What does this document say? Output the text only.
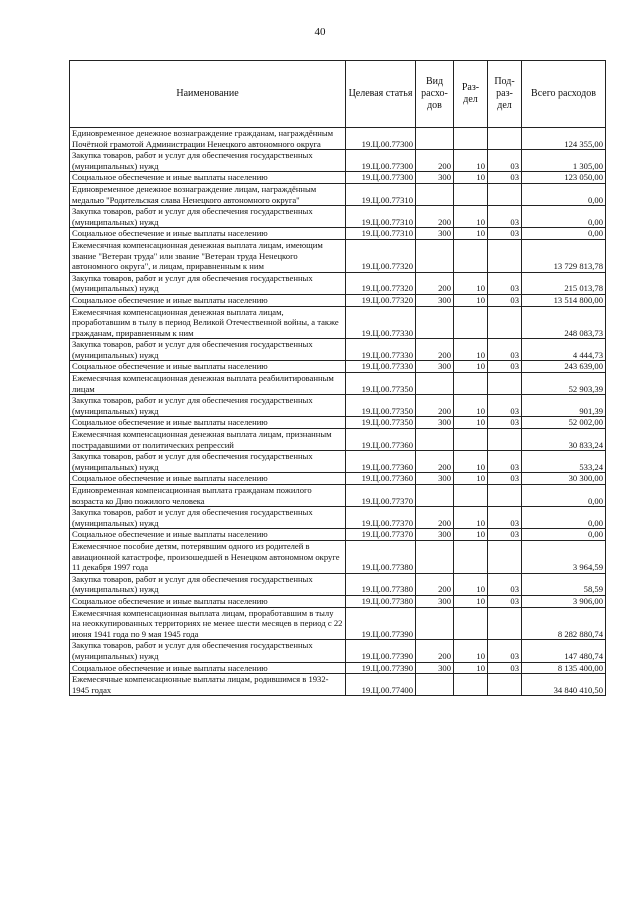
40
Наименование	Целевая статья	Вид расхо-дов	Раз-дел	Под-раз-дел	Всего расходов
Единовременное денежное вознаграждение гражданам, награждённым Почётной грамотой Администрации Ненецкого автономного округа	19.Ц.00.77300				124 355,00
Закупка товаров, работ и услуг для обеспечения государственных (муниципальных) нужд	19.Ц.00.77300	200	10	03	1 305,00
Социальное обеспечение и иные выплаты населению	19.Ц.00.77300	300	10	03	123 050,00
Единовременное денежное вознаграждение лицам, награждённым медалью "Родительская слава Ненецкого автономного округа"	19.Ц.00.77310				0,00
Закупка товаров, работ и услуг для обеспечения государственных (муниципальных) нужд	19.Ц.00.77310	200	10	03	0,00
Социальное обеспечение и иные выплаты населению	19.Ц.00.77310	300	10	03	0,00
Ежемесячная компенсационная денежная выплата лицам, имеющим звание "Ветеран труда" или звание "Ветеран труда Ненецкого автономного округа", и лицам, приравненным к ним	19.Ц.00.77320				13 729 813,78
Закупка товаров, работ и услуг для обеспечения государственных (муниципальных) нужд	19.Ц.00.77320	200	10	03	215 013,78
Социальное обеспечение и иные выплаты населению	19.Ц.00.77320	300	10	03	13 514 800,00
Ежемесячная компенсационная денежная выплата лицам, проработавшим в тылу в период Великой Отечественной войны, а также гражданам, приравненным к ним	19.Ц.00.77330				248 083,73
Закупка товаров, работ и услуг для обеспечения государственных (муниципальных) нужд	19.Ц.00.77330	200	10	03	4 444,73
Социальное обеспечение и иные выплаты населению	19.Ц.00.77330	300	10	03	243 639,00
Ежемесячная компенсационная денежная выплата реабилитированным лицам	19.Ц.00.77350				52 903,39
Закупка товаров, работ и услуг для обеспечения государственных (муниципальных) нужд	19.Ц.00.77350	200	10	03	901,39
Социальное обеспечение и иные выплаты населению	19.Ц.00.77350	300	10	03	52 002,00
Ежемесячная компенсационная денежная выплата лицам, признанным пострадавшими от политических репрессий	19.Ц.00.77360				30 833,24
Закупка товаров, работ и услуг для обеспечения государственных (муниципальных) нужд	19.Ц.00.77360	200	10	03	533,24
Социальное обеспечение и иные выплаты населению	19.Ц.00.77360	300	10	03	30 300,00
Единовременная компенсационная выплата гражданам пожилого возраста ко Дню пожилого человека	19.Ц.00.77370				0,00
Закупка товаров, работ и услуг для обеспечения государственных (муниципальных) нужд	19.Ц.00.77370	200	10	03	0,00
Социальное обеспечение и иные выплаты населению	19.Ц.00.77370	300	10	03	0,00
Ежемесячное пособие детям, потерявшим одного из родителей в авиационной катастрофе, произошедшей в Ненецком автономном округе 11 декабря 1997 года	19.Ц.00.77380				3 964,59
Закупка товаров, работ и услуг для обеспечения государственных (муниципальных) нужд	19.Ц.00.77380	200	10	03	58,59
Социальное обеспечение и иные выплаты населению	19.Ц.00.77380	300	10	03	3 906,00
Ежемесячная компенсационная выплата лицам, проработавшим в тылу на неоккупированных территориях не менее шести месяцев в период с 22 июня 1941 года по 9 мая 1945 года	19.Ц.00.77390				8 282 880,74
Закупка товаров, работ и услуг для обеспечения государственных (муниципальных) нужд	19.Ц.00.77390	200	10	03	147 480,74
Социальное обеспечение и иные выплаты населению	19.Ц.00.77390	300	10	03	8 135 400,00
Ежемесячные компенсационные выплаты лицам, родившимся в 1932-1945 годах	19.Ц.00.77400				34 840 410,50
